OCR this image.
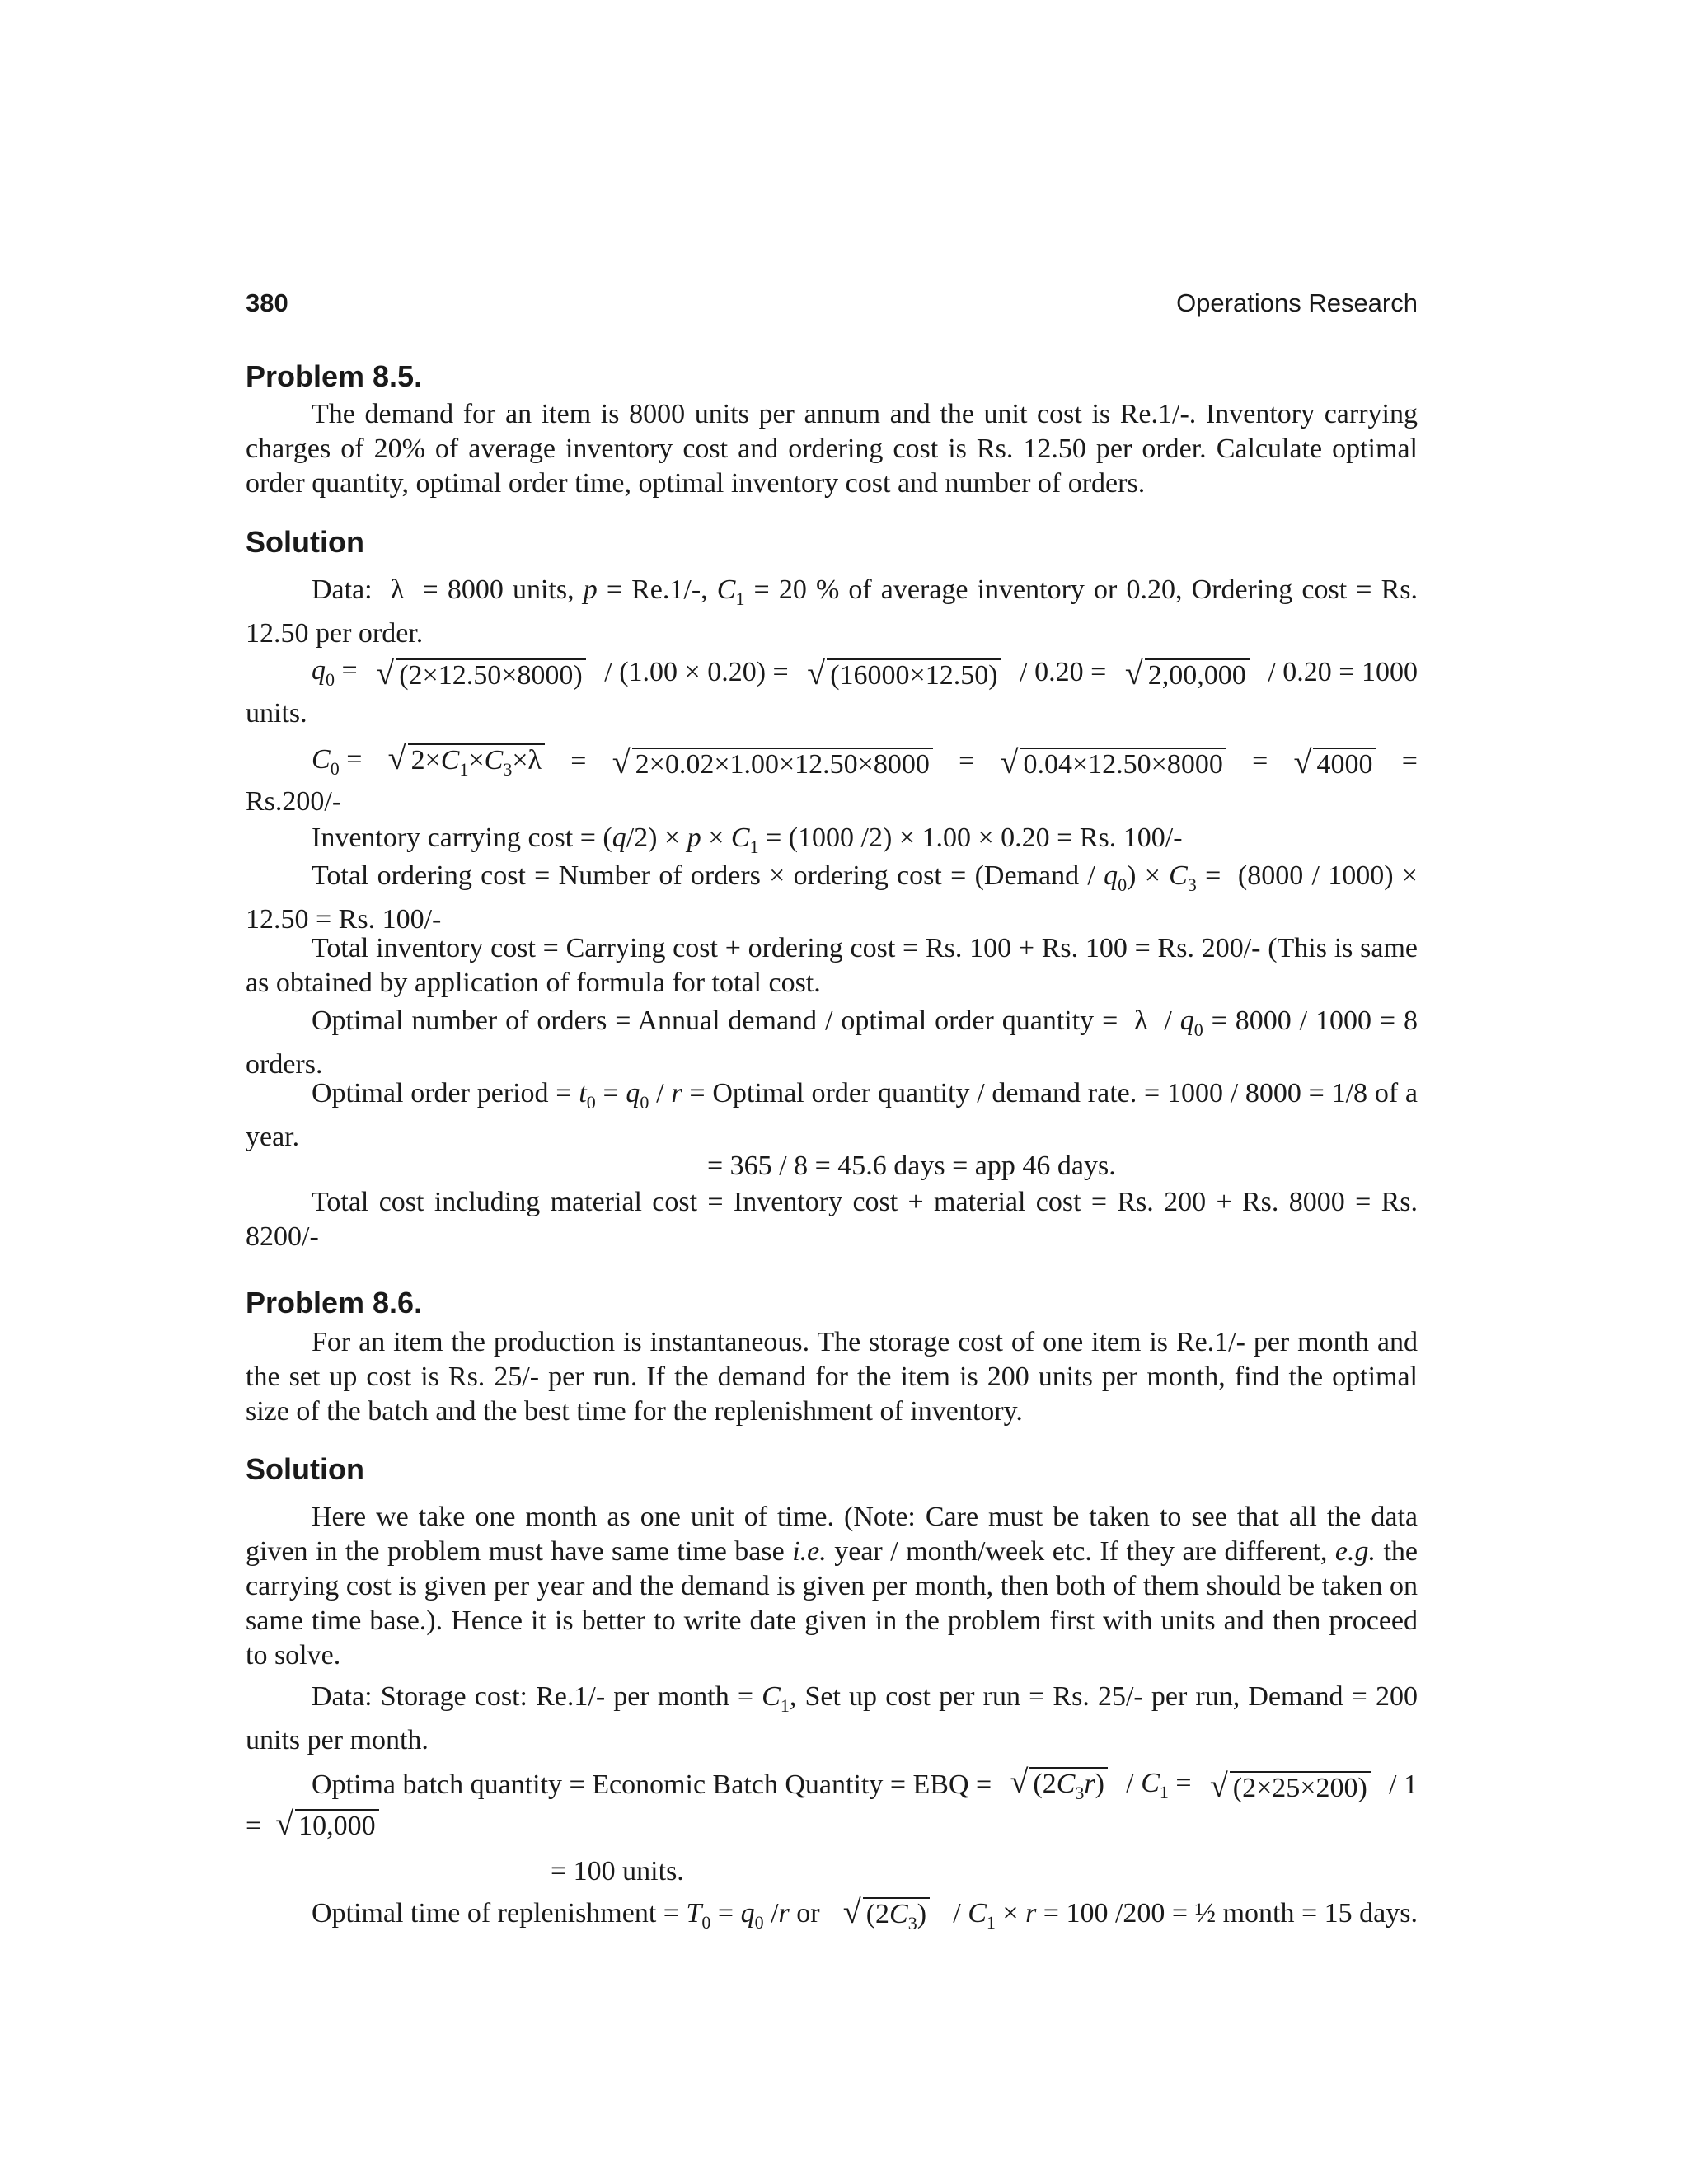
380	Operations Research
Problem 8.5.
The demand for an item is 8000 units per annum and the unit cost is Re.1/-. Inventory carrying charges of 20% of average inventory cost and ordering cost is Rs. 12.50 per order. Calculate optimal order quantity, optimal order time, optimal inventory cost and number of orders.
Solution
Data:  λ  = 8000 units, p = Re.1/-, $C_1 = 20$ % of average inventory or 0.20, Ordering cost = Rs. 12.50 per order.
$q_0$ = √ (2×12.50×8000) / (1.00 × 0.20) = √ (16000×12.50) / 0.20 = √ 2,00,000 / 0.20 = 1000
units.
$C_0$ = √ $2\times C_1\times C_3\times\lambda$ = √ 2×0.02×1.00×12.50×8000 = √ 0.04×12.50×8000 = √ 4000 =
Rs.200/-
Inventory carrying $\cos t = (q/2) \times p \times C_1 = (1000$ /2) × 1.00 × 0.20 = Rs. 100/-
Total ordering cost = Number of orders × ordering cost = (Demand / $q_0) \times C_3 = (8000 / 1000) \times 12.50 = Rs$. 100/-
Total inventory cost = Carrying cost + ordering cost = Rs. 100 + Rs. 100 = Rs. 200/- (This is same as obtained by application of formula for total cost.
Optimal number of orders = Annual demand / optimal order quantity =  $\lambda / q_0 = 8000 / 1000 = 8$ orders.
Optimal order period = $t_0 = q_0 / r$ = Optimal order quantity / demand rate. = 1000 / 8000 = 1/8 of a year.
= 365 / 8 = 45.6 days = app 46 days.
Total cost including material cost = Inventory cost + material cost = Rs. 200 + Rs. 8000 = Rs. 8200/-
Problem 8.6.
For an item the production is instantaneous. The storage cost of one item is Re.1/- per month and the set up cost is Rs. 25/- per run. If the demand for the item is 200 units per month, find the optimal size of the batch and the best time for the replenishment of inventory.
Solution
Here we take one month as one unit of time. (Note: Care must be taken to see that all the data given in the problem must have same time base i.e. year / month/week etc. If they are different, e.g. the carrying cost is given per year and the demand is given per month, then both of them should be taken on same time base.). Hence it is better to write date given in the problem first with units and then proceed to solve.
Data: Storage cost: Re.1/- per month = $C_1$, Set up cost per run = Rs. 25/- per run, Demand = 200 units per month.
Optima batch quantity = Economic Batch Quantity = EBQ = √ $(2C_3r) / C_1$ = √ (2×25×200) / 1
= √ 10,000
= 100 units.
Optimal time of replenishment = $T_0 = q_0$ /r or √ $(2C_3) / C_1 \times r = 100$ /200 = ½ month = 15 days.
